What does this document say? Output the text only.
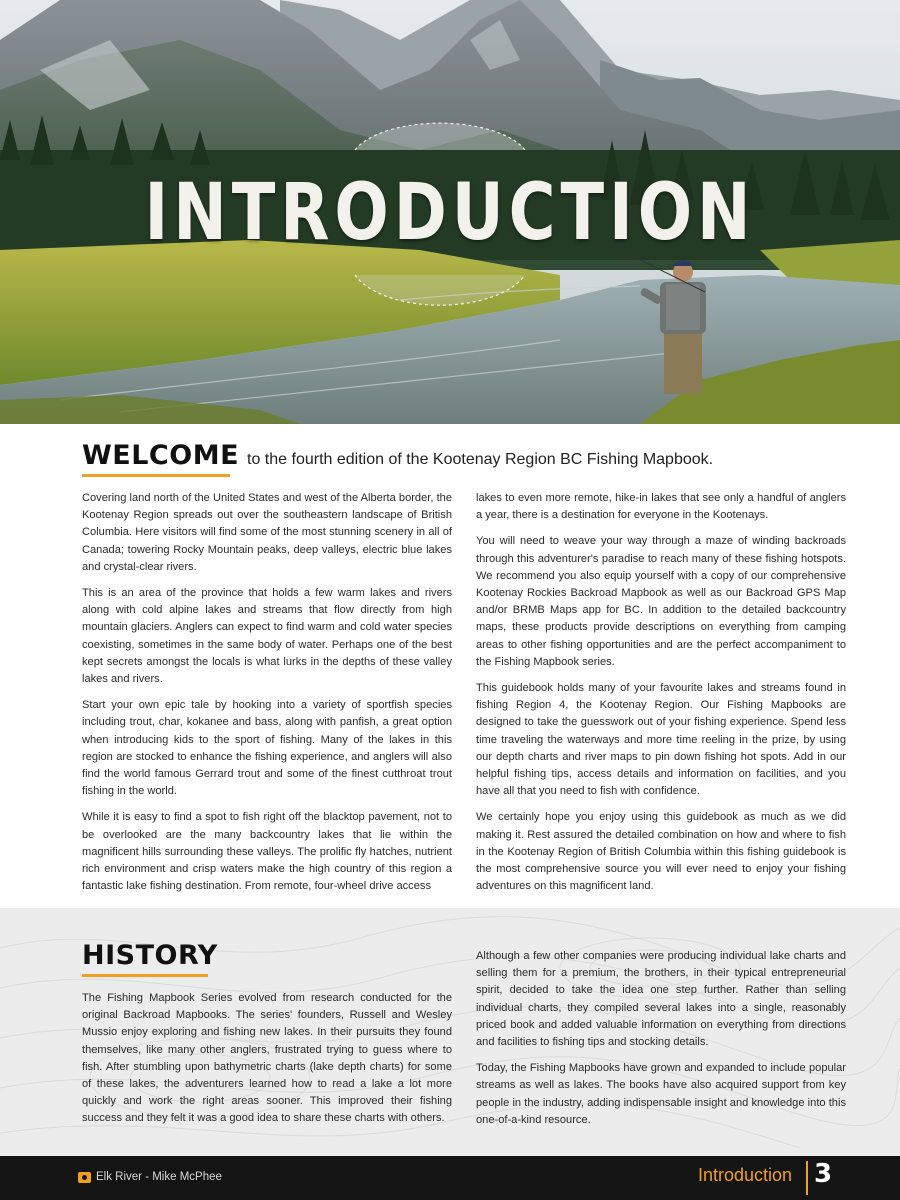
INTRODUCTION
WELCOME to the fourth edition of the Kootenay Region BC Fishing Mapbook.

Covering land north of the United States and west of the Alberta border, the Kootenay Region spreads out over the southeastern landscape of British Columbia. Here visitors will find some of the most stunning scenery in all of Canada; towering Rocky Mountain peaks, deep valleys, electric blue lakes and crystal-clear rivers.

This is an area of the province that holds a few warm lakes and rivers along with cold alpine lakes and streams that flow directly from high mountain glaciers. Anglers can expect to find warm and cold water species coexisting, sometimes in the same body of water. Perhaps one of the best kept secrets amongst the locals is what lurks in the depths of these valley lakes and rivers.

Start your own epic tale by hooking into a variety of sportfish species including trout, char, kokanee and bass, along with panfish, a great option when introducing kids to the sport of fishing. Many of the lakes in this region are stocked to enhance the fishing experience, and anglers will also find the world famous Gerrard trout and some of the finest cutthroat trout fishing in the world.

While it is easy to find a spot to fish right off the blacktop pavement, not to be overlooked are the many backcountry lakes that lie within the magnificent hills surrounding these valleys. The prolific fly hatches, nutrient rich environment and crisp waters make the high country of this region a fantastic lake fishing destination. From remote, four-wheel drive access

lakes to even more remote, hike-in lakes that see only a handful of anglers a year, there is a destination for everyone in the Kootenays.

You will need to weave your way through a maze of winding backroads through this adventurer's paradise to reach many of these fishing hotspots. We recommend you also equip yourself with a copy of our comprehensive Kootenay Rockies Backroad Mapbook as well as our Backroad GPS Map and/or BRMB Maps app for BC. In addition to the detailed backcountry maps, these products provide descriptions on everything from camping areas to other fishing opportunities and are the perfect accompaniment to the Fishing Mapbook series.

This guidebook holds many of your favourite lakes and streams found in fishing Region 4, the Kootenay Region. Our Fishing Mapbooks are designed to take the guesswork out of your fishing experience. Spend less time traveling the waterways and more time reeling in the prize, by using our depth charts and river maps to pin down fishing hot spots. Add in our helpful fishing tips, access details and information on facilities, and you have all that you need to fish with confidence.

We certainly hope you enjoy using this guidebook as much as we did making it. Rest assured the detailed combination on how and where to fish in the Kootenay Region of British Columbia within this fishing guidebook is the most comprehensive source you will ever need to enjoy your fishing adventures on this magnificent land.

HISTORY

The Fishing Mapbook Series evolved from research conducted for the original Backroad Mapbooks. The series' founders, Russell and Wesley Mussio enjoy exploring and fishing new lakes. In their pursuits they found themselves, like many other anglers, frustrated trying to guess where to fish. After stumbling upon bathymetric charts (lake depth charts) for some of these lakes, the adventurers learned how to read a lake a lot more quickly and work the right areas sooner. This improved their fishing success and they felt it was a good idea to share these charts with others.

Although a few other companies were producing individual lake charts and selling them for a premium, the brothers, in their typical entrepreneurial spirit, decided to take the idea one step further. Rather than selling individual charts, they compiled several lakes into a single, reasonably priced book and added valuable information on everything from directions and facilities to fishing tips and stocking details.

Today, the Fishing Mapbooks have grown and expanded to include popular streams as well as lakes. The books have also acquired support from key people in the industry, adding indispensable insight and knowledge into this one-of-a-kind resource.

Elk River - Mike McPhee	Introduction 3
